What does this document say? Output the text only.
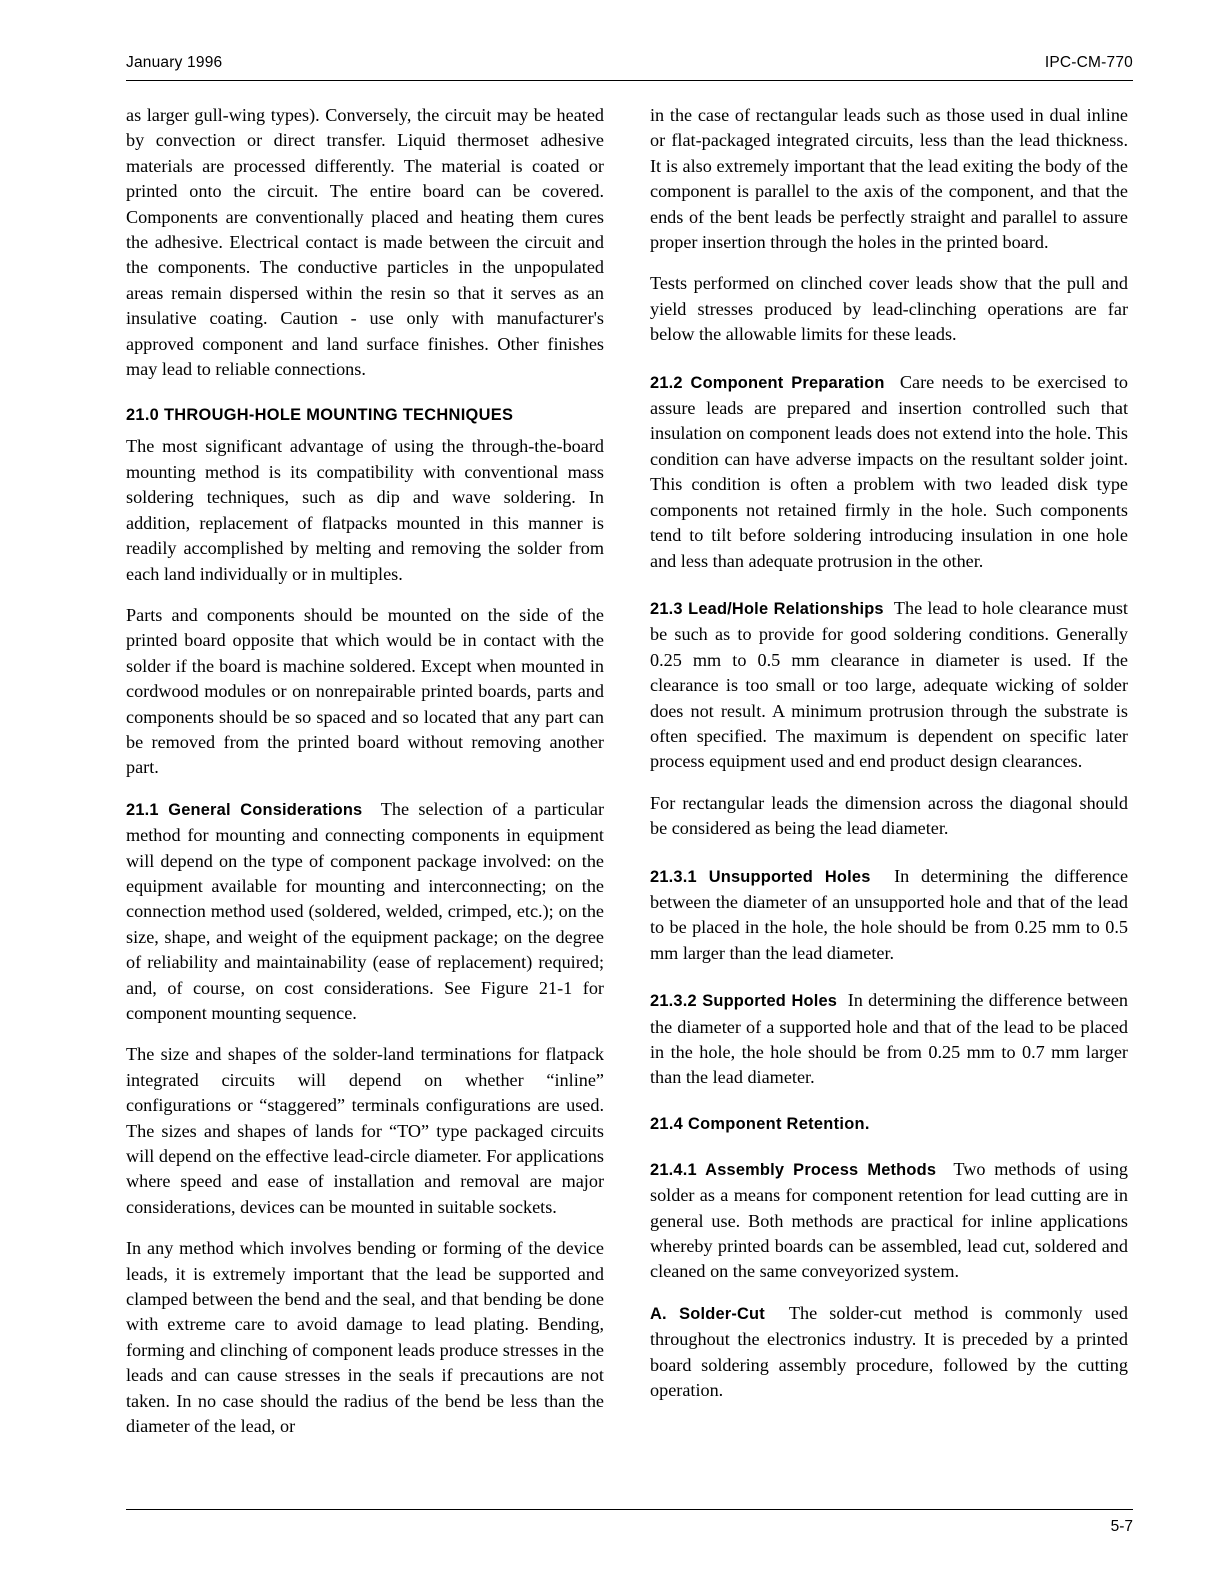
January 1996	IPC-CM-770

as larger gull-wing types). Conversely, the circuit may be heated by convection or direct transfer. Liquid thermoset adhesive materials are processed differently. The material is coated or printed onto the circuit. The entire board can be covered. Components are conventionally placed and heating them cures the adhesive. Electrical contact is made between the circuit and the components. The conductive particles in the unpopulated areas remain dispersed within the resin so that it serves as an insulative coating. Caution - use only with manufacturer's approved component and land surface finishes. Other finishes may lead to reliable connections.

21.0 THROUGH-HOLE MOUNTING TECHNIQUES

The most significant advantage of using the through-the-board mounting method is its compatibility with conventional mass soldering techniques, such as dip and wave soldering. In addition, replacement of flatpacks mounted in this manner is readily accomplished by melting and removing the solder from each land individually or in multiples.

Parts and components should be mounted on the side of the printed board opposite that which would be in contact with the solder if the board is machine soldered. Except when mounted in cordwood modules or on nonrepairable printed boards, parts and components should be so spaced and so located that any part can be removed from the printed board without removing another part.

21.1 General Considerations The selection of a particular method for mounting and connecting components in equipment will depend on the type of component package involved: on the equipment available for mounting and interconnecting; on the connection method used (soldered, welded, crimped, etc.); on the size, shape, and weight of the equipment package; on the degree of reliability and maintainability (ease of replacement) required; and, of course, on cost considerations. See Figure 21-1 for component mounting sequence.

The size and shapes of the solder-land terminations for flatpack integrated circuits will depend on whether “inline” configurations or “staggered” terminals configurations are used. The sizes and shapes of lands for “TO” type packaged circuits will depend on the effective lead-circle diameter. For applications where speed and ease of installation and removal are major considerations, devices can be mounted in suitable sockets.

In any method which involves bending or forming of the device leads, it is extremely important that the lead be supported and clamped between the bend and the seal, and that bending be done with extreme care to avoid damage to lead plating. Bending, forming and clinching of component leads produce stresses in the leads and can cause stresses in the seals if precautions are not taken. In no case should the radius of the bend be less than the diameter of the lead, or

in the case of rectangular leads such as those used in dual inline or flat-packaged integrated circuits, less than the lead thickness. It is also extremely important that the lead exiting the body of the component is parallel to the axis of the component, and that the ends of the bent leads be perfectly straight and parallel to assure proper insertion through the holes in the printed board.

Tests performed on clinched cover leads show that the pull and yield stresses produced by lead-clinching operations are far below the allowable limits for these leads.

21.2 Component Preparation Care needs to be exercised to assure leads are prepared and insertion controlled such that insulation on component leads does not extend into the hole. This condition can have adverse impacts on the resultant solder joint. This condition is often a problem with two leaded disk type components not retained firmly in the hole. Such components tend to tilt before soldering introducing insulation in one hole and less than adequate protrusion in the other.

21.3 Lead/Hole Relationships The lead to hole clearance must be such as to provide for good soldering conditions. Generally 0.25 mm to 0.5 mm clearance in diameter is used. If the clearance is too small or too large, adequate wicking of solder does not result. A minimum protrusion through the substrate is often specified. The maximum is dependent on specific later process equipment used and end product design clearances.

For rectangular leads the dimension across the diagonal should be considered as being the lead diameter.

21.3.1 Unsupported Holes In determining the difference between the diameter of an unsupported hole and that of the lead to be placed in the hole, the hole should be from 0.25 mm to 0.5 mm larger than the lead diameter.

21.3.2 Supported Holes In determining the difference between the diameter of a supported hole and that of the lead to be placed in the hole, the hole should be from 0.25 mm to 0.7 mm larger than the lead diameter.

21.4 Component Retention.

21.4.1 Assembly Process Methods Two methods of using solder as a means for component retention for lead cutting are in general use. Both methods are practical for inline applications whereby printed boards can be assembled, lead cut, soldered and cleaned on the same conveyorized system.

A. Solder-Cut The solder-cut method is commonly used throughout the electronics industry. It is preceded by a printed board soldering assembly procedure, followed by the cutting operation.

5-7
